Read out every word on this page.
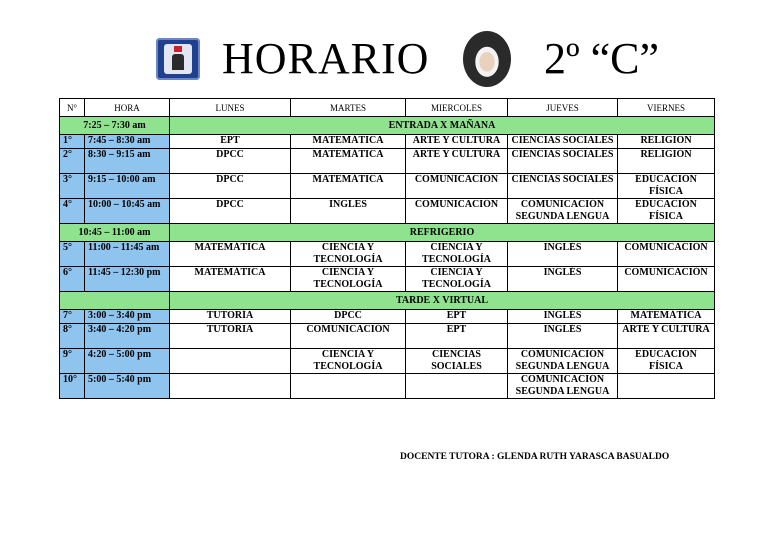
HORARIO	2º “C”
N°	HORA	LUNES	MARTES	MIERCOLES	JUEVES	VIERNES
7:25 – 7:30 am		ENTRADA X MAÑANA				
1°	7:45 – 8:30 am	EPT	MATEMÁTICA	ARTE Y CULTURA	CIENCIAS SOCIALES	RELIGION
2°	8:30 – 9:15 am	DPCC	MATEMÁTICA	ARTE Y CULTURA	CIENCIAS SOCIALES	RELIGIÓN
3°	9:15 – 10:00 am	DPCC	MATEMÁTICA	COMUNICACIÓN	CIENCIAS SOCIALES	EDUCACIÓN FÍSICA
4°	10:00 – 10:45 am	DPCC	INGLES	COMUNICACIÓN	COMUNICACIÓN SEGUNDA LENGUA	EDUCACIÓN FÍSICA
10:45 – 11:00 am		REFRIGERIO				
5°	11:00 – 11:45 am	MATEMÁTICA	CIENCIA Y TECNOLOGÍA	CIENCIA Y TECNOLOGÍA	INGLÉS	COMUNICACIÓN
6°	11:45 – 12:30 pm	MATEMÁTICA	CIENCIA Y TECNOLOGÍA	CIENCIA Y TECNOLOGÍA	INGLÉS	COMUNICACIÓN
		TARDE X VIRTUAL				
7°	3:00 – 3:40 pm	TUTORÍA	DPCC	EPT	INGLÉS	MATEMÁTICA
8°	3:40 – 4:20 pm	TUTORIA	COMUNICACIÓN	EPT	INGLÉS	ARTE Y CULTURA
9°	4:20 – 5:00 pm		CIENCIA Y TECNOLOGÍA	CIENCIAS SOCIALES	COMUNICACIÓN SEGUNDA LENGUA	EDUCACIÓN FÍSICA
10°	5:00 – 5:40 pm				COMUNICACIÓN SEGUNDA LENGUA	
DOCENTE TUTORA : GLENDA RUTH YARASCA BASUALDO
